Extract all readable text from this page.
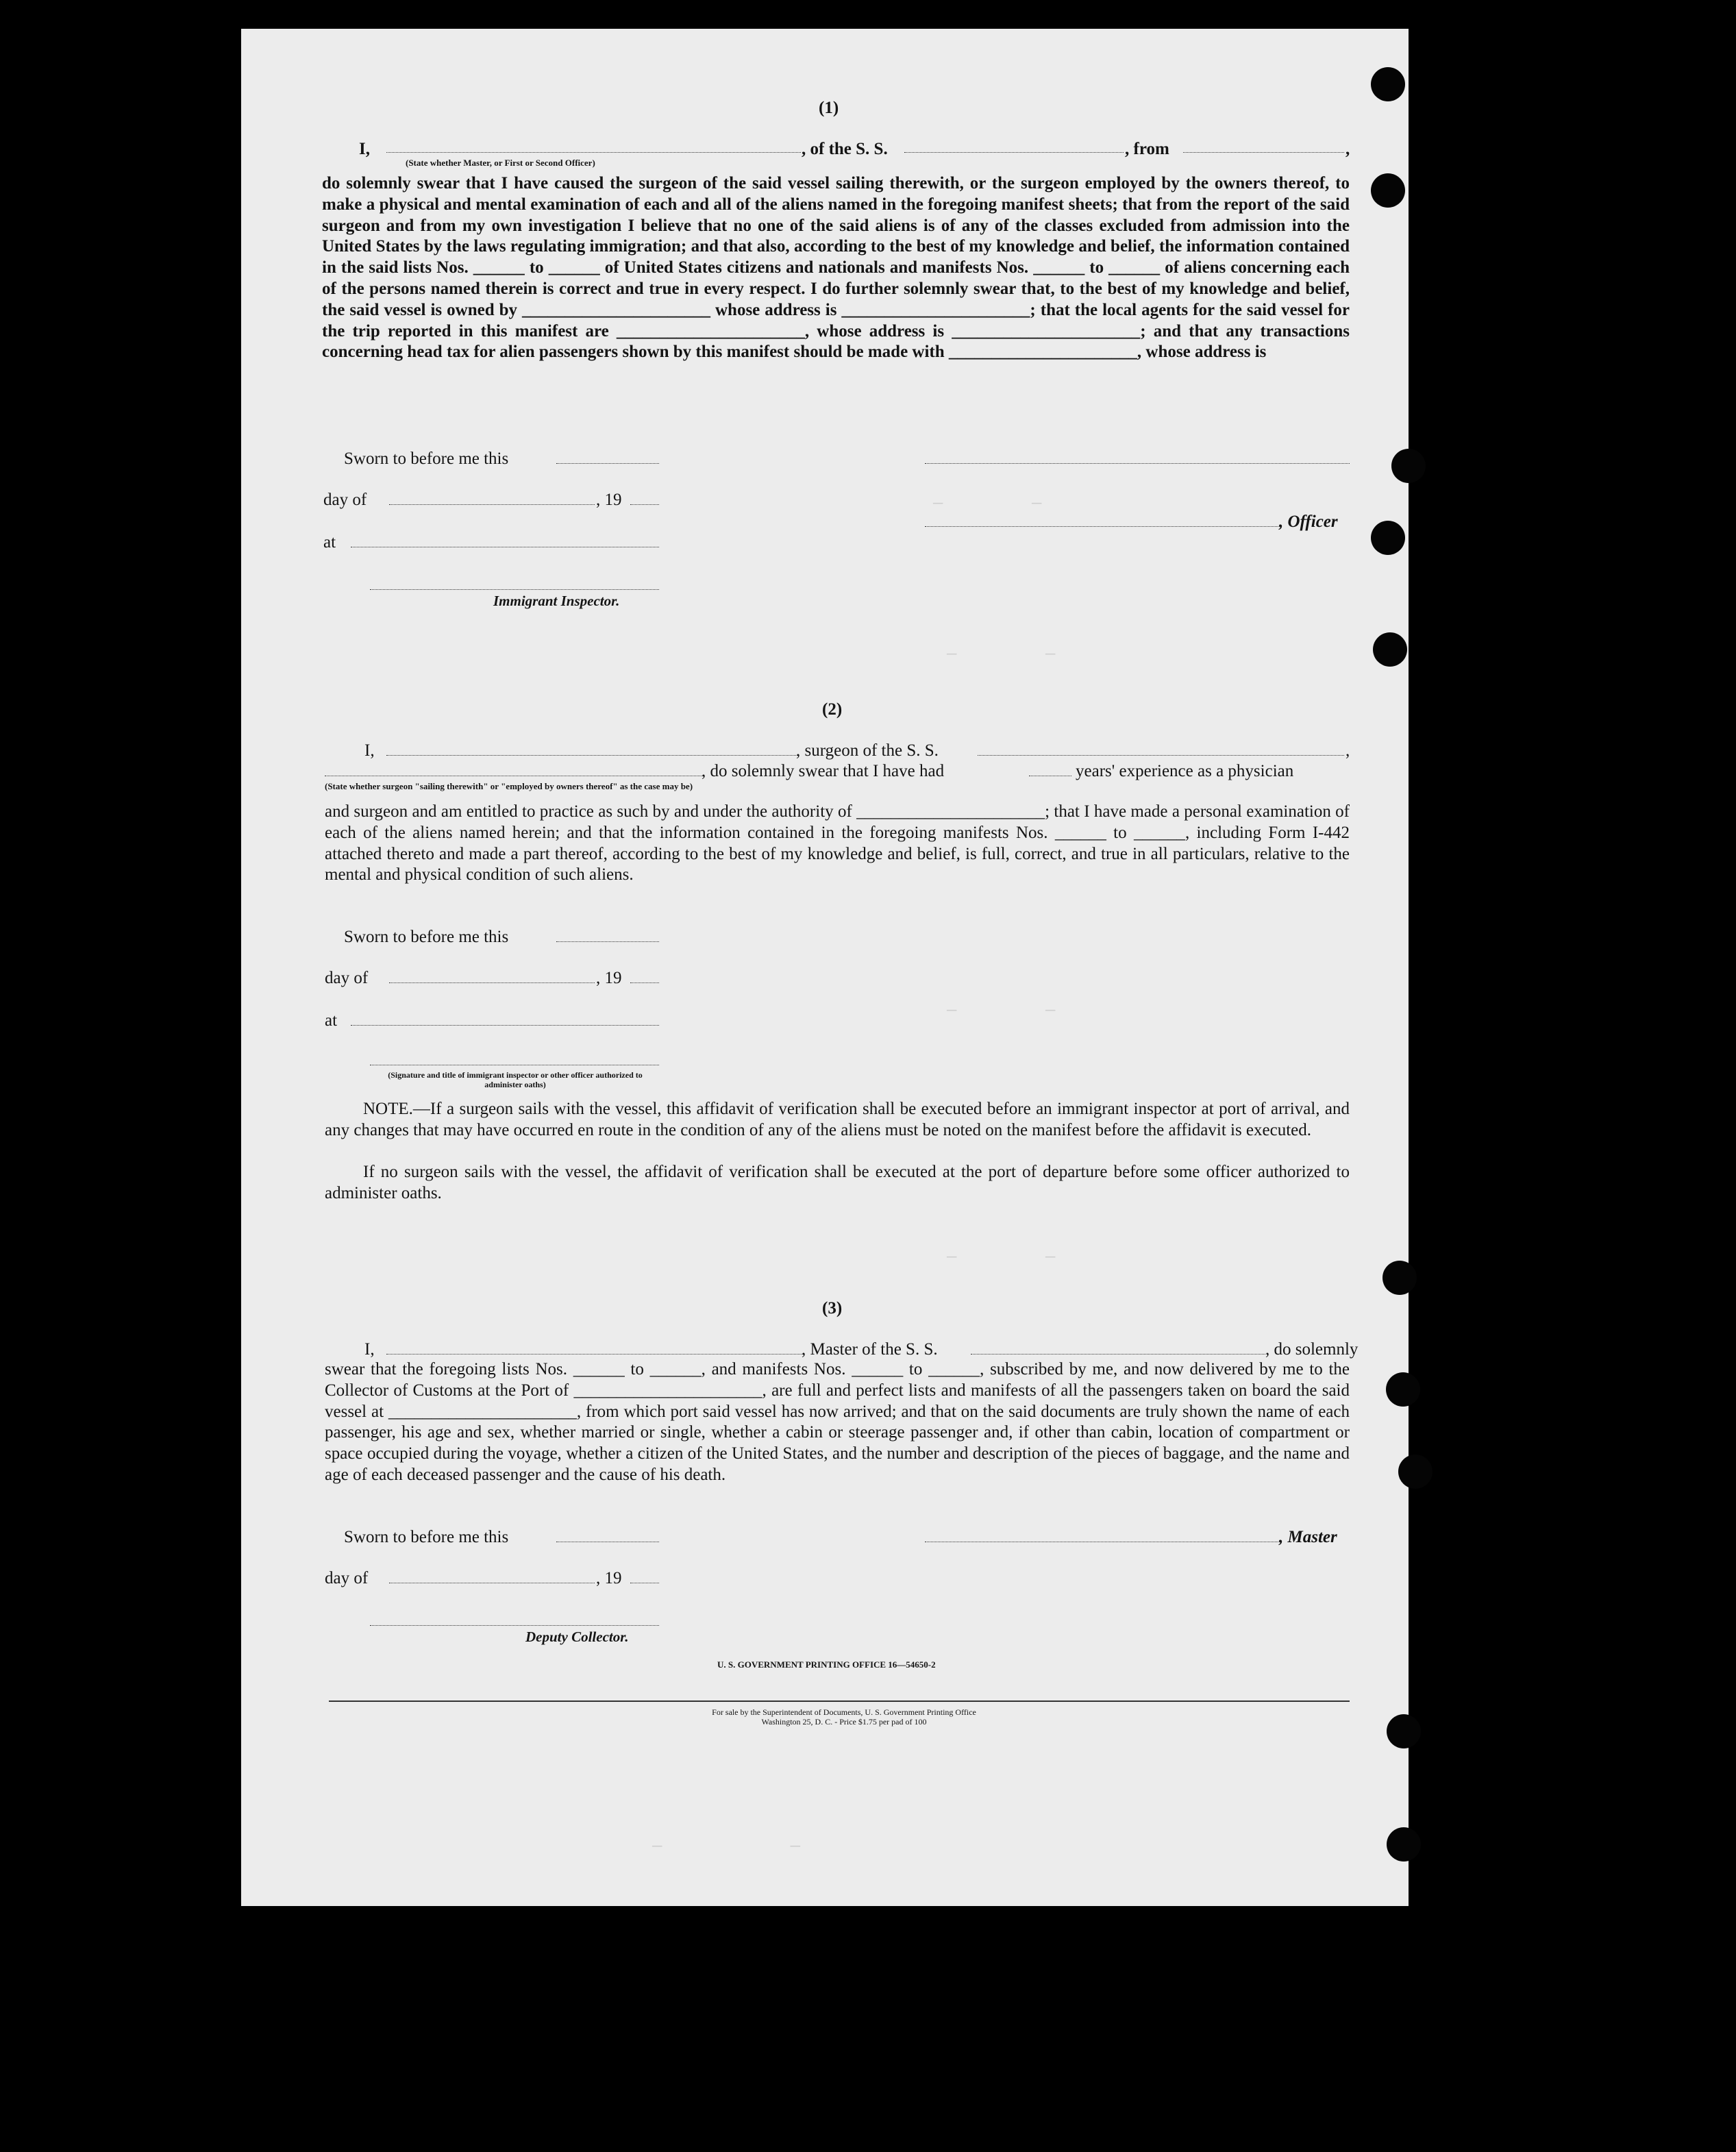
(1)
I,	, of the S. S.	, from	,
(State whether Master, or First or Second Officer)
do solemnly swear that I have caused the surgeon of the said vessel sailing therewith, or the surgeon employed by the owners thereof, to make a physical and mental examination of each and all of the aliens named in the foregoing manifest sheets; that from the report of the said surgeon and from my own investigation I believe that no one of the said aliens is of any of the classes excluded from admission into the United States by the laws regulating immigration; and that also, according to the best of my knowledge and belief, the information contained in the said lists Nos. ______ to ______ of United States citizens and nationals and manifests Nos. ______ to ______ of aliens concerning each of the persons named therein is correct and true in every respect. I do further solemnly swear that, to the best of my knowledge and belief, the said vessel is owned by ______________________ whose address is ______________________; that the local agents for the said vessel for the trip reported in this manifest are ______________________, whose address is ______________________; and that any transactions concerning head tax for alien passengers shown by this manifest should be made with ______________________, whose address is
Sworn to before me this
day of	, 19
, Officer
at
Immigrant Inspector.
(2)
I,	, surgeon of the S. S.	,
, do solemnly swear that I have had	years' experience as a physician
(State whether surgeon "sailing therewith" or "employed by owners thereof" as the case may be)
and surgeon and am entitled to practice as such by and under the authority of ______________________; that I have made a personal examination of each of the aliens named herein; and that the information contained in the foregoing manifests Nos. ______ to ______, including Form I-442 attached thereto and made a part thereof, according to the best of my knowledge and belief, is full, correct, and true in all particulars, relative to the mental and physical condition of such aliens.
Sworn to before me this
day of	, 19
at
(Signature and title of immigrant inspector or other officer authorized to administer oaths)
NOTE.—If a surgeon sails with the vessel, this affidavit of verification shall be executed before an immigrant inspector at port of arrival, and any changes that may have occurred en route in the condition of any of the aliens must be noted on the manifest before the affidavit is executed.
If no surgeon sails with the vessel, the affidavit of verification shall be executed at the port of departure before some officer authorized to administer oaths.
(3)
I,	, Master of the S. S.	, do solemnly
swear that the foregoing lists Nos. ______ to ______, and manifests Nos. ______ to ______, subscribed by me, and now delivered by me to the Collector of Customs at the Port of ______________________, are full and perfect lists and manifests of all the passengers taken on board the said vessel at ______________________, from which port said vessel has now arrived; and that on the said documents are truly shown the name of each passenger, his age and sex, whether married or single, whether a cabin or steerage passenger and, if other than cabin, location of compartment or space occupied during the voyage, whether a citizen of the United States, and the number and description of the pieces of baggage, and the name and age of each deceased passenger and the cause of his death.
Sworn to before me this	, Master
day of	, 19
Deputy Collector.
U. S. GOVERNMENT PRINTING OFFICE 16—54650-2
For sale by the Superintendent of Documents, U. S. Government Printing Office
Washington 25, D. C. - Price $1.75 per pad of 100
—         —
—         —
—         —
—         —
—             —
